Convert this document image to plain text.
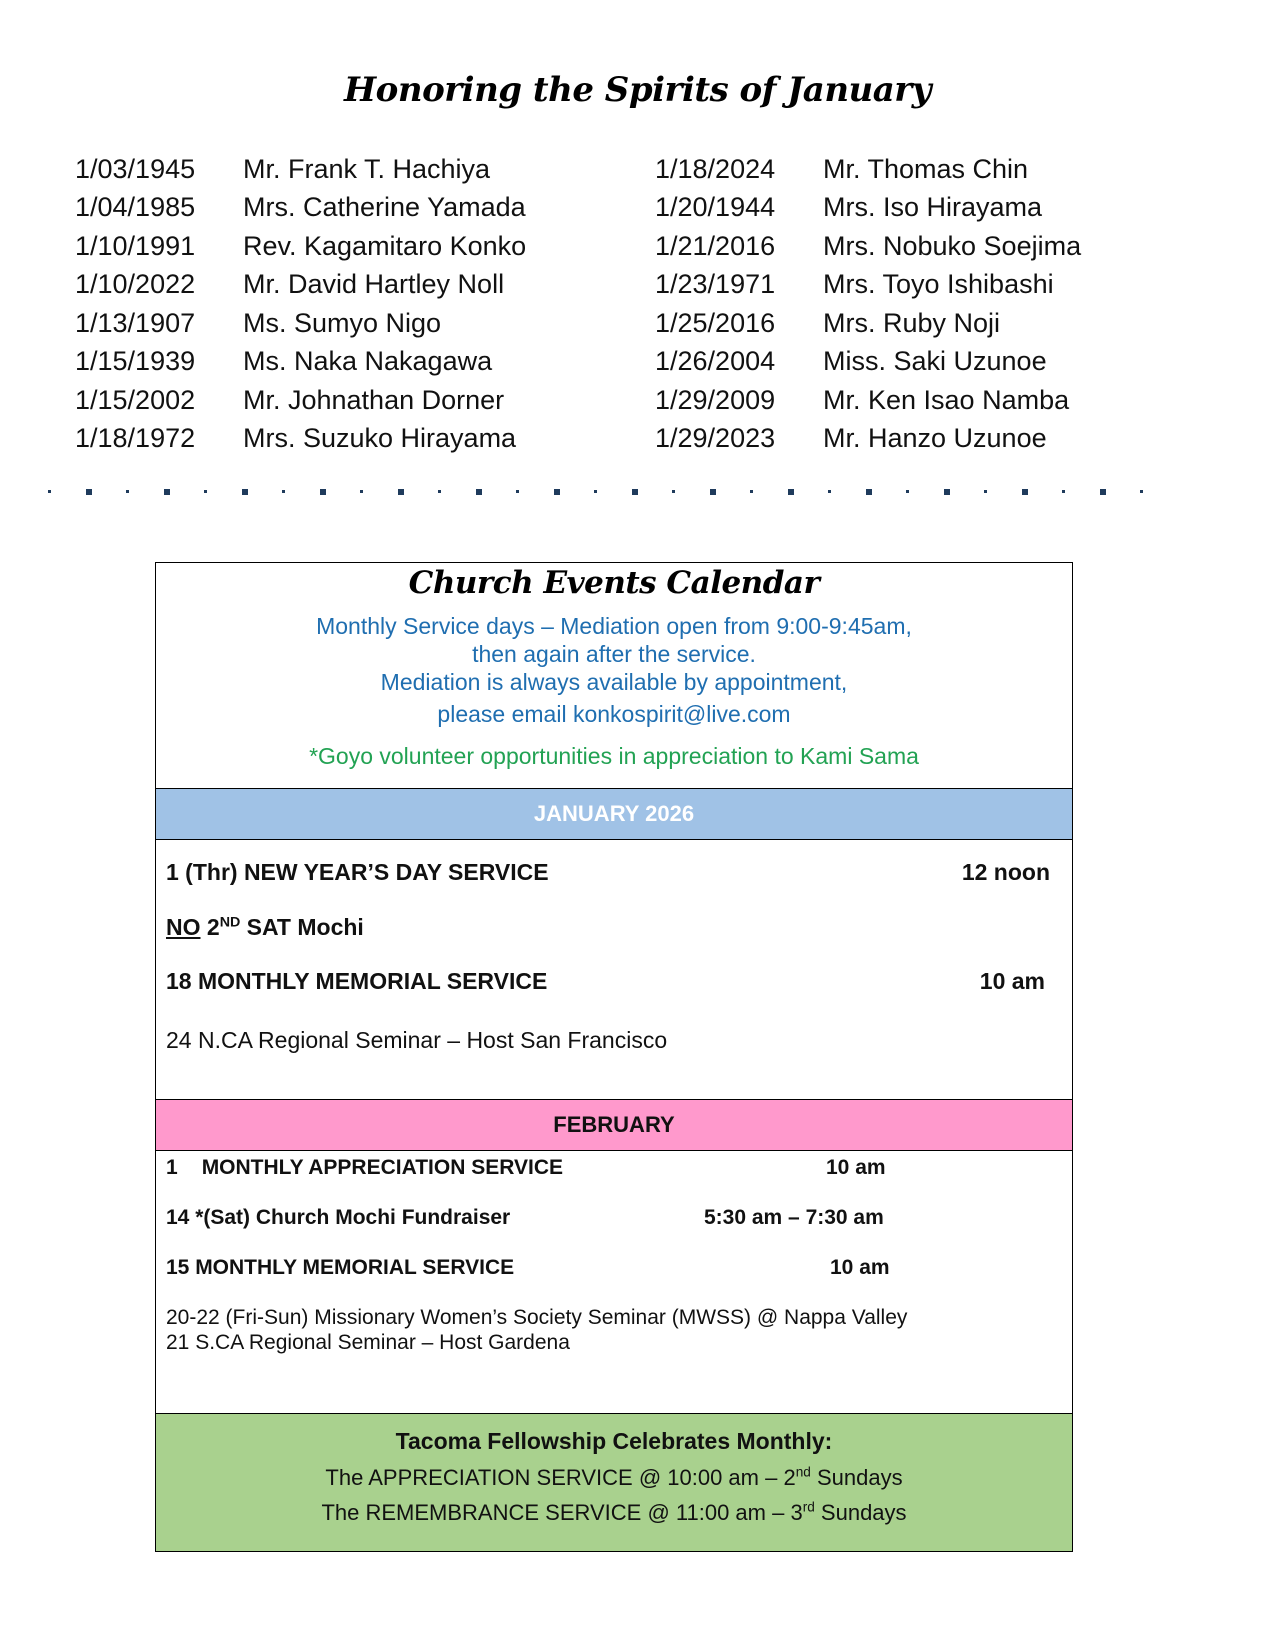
Honoring the Spirits of January
1/03/1945	Mr. Frank T. Hachiya
1/04/1985	Mrs. Catherine Yamada
1/10/1991	Rev. Kagamitaro Konko
1/10/2022	Mr. David Hartley Noll
1/13/1907	Ms. Sumyo Nigo
1/15/1939	Ms. Naka Nakagawa
1/15/2002	Mr. Johnathan Dorner
1/18/1972	Mrs. Suzuko Hirayama
1/18/2024	Mr. Thomas Chin
1/20/1944	Mrs. Iso Hirayama
1/21/2016	Mrs. Nobuko Soejima
1/23/1971	Mrs. Toyo Ishibashi
1/25/2016	Mrs. Ruby Noji
1/26/2004	Miss. Saki Uzunoe
1/29/2009	Mr. Ken Isao Namba
1/29/2023	Mr. Hanzo Uzunoe
Church Events Calendar
Monthly Service days – Mediation open from 9:00-9:45am,
then again after the service.
Mediation is always available by appointment,
please email konkospirit@live.com
*Goyo volunteer opportunities in appreciation to Kami Sama
JANUARY 2026
1 (Thr) NEW YEAR’S DAY SERVICE	12 noon
NO 2ND SAT Mochi
18 MONTHLY MEMORIAL SERVICE	10 am
24 N.CA Regional Seminar – Host San Francisco
FEBRUARY
1 MONTHLY APPRECIATION SERVICE	10 am
14 *(Sat) Church Mochi Fundraiser	5:30 am – 7:30 am
15 MONTHLY MEMORIAL SERVICE	10 am
20-22 (Fri-Sun) Missionary Women’s Society Seminar (MWSS) @ Nappa Valley
21 S.CA Regional Seminar – Host Gardena
Tacoma Fellowship Celebrates Monthly:
The APPRECIATION SERVICE @ 10:00 am – 2nd Sundays
The REMEMBRANCE SERVICE @ 11:00 am – 3rd Sundays
